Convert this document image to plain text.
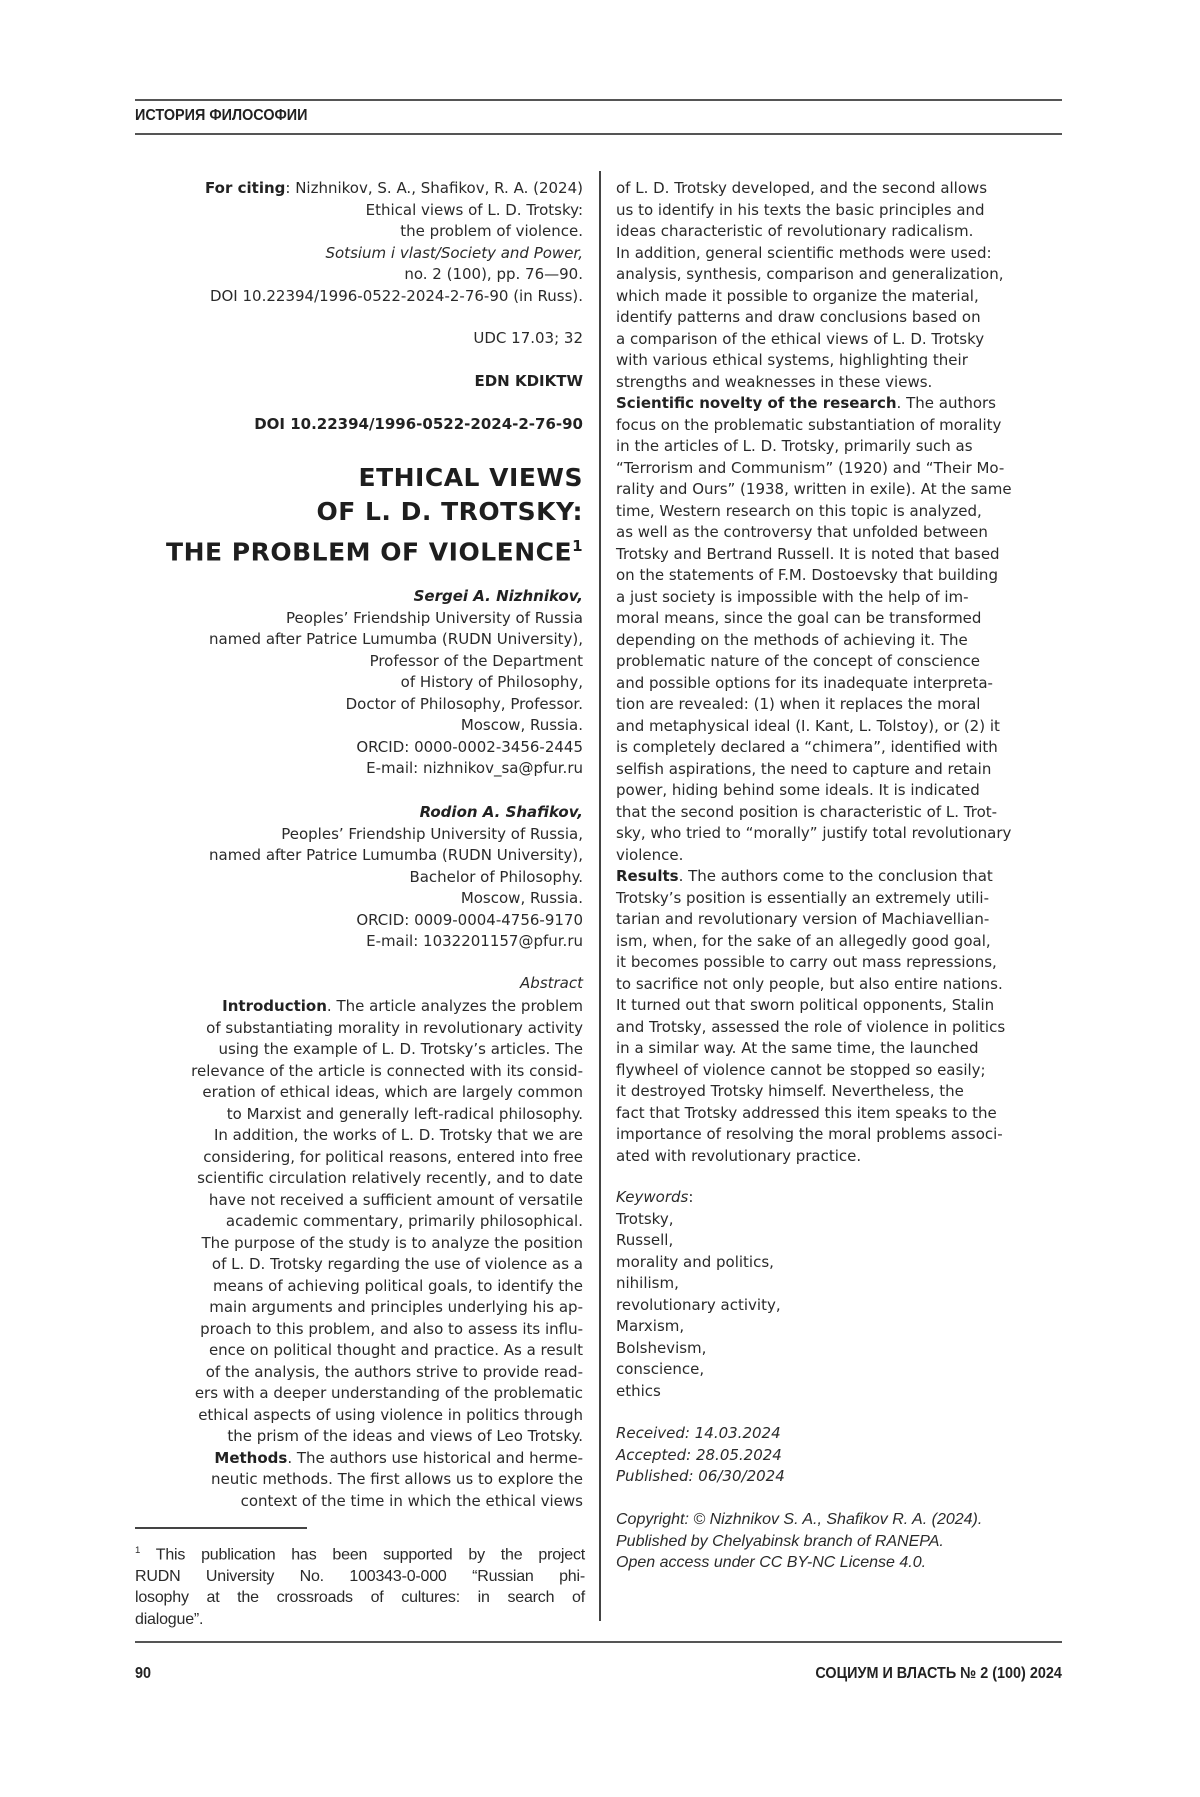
ИСТОРИЯ ФИЛОСОФИИ
For citing: Nizhnikov, S. A., Shafikov, R. A. (2024)
Ethical views of L. D. Trotsky:
the problem of violence.
Sotsium i vlast/Society and Power,
no. 2 (100), pp. 76—90.
DOI 10.22394/1996-0522-2024-2-76-90 (in Russ).
UDC 17.03; 32
EDN KDIKTW
DOI 10.22394/1996-0522-2024-2-76-90
ETHICAL VIEWS
OF L. D. TROTSKY:
THE PROBLEM OF VIOLENCE$^1$
Sergei A. Nizhnikov,
Peoples’ Friendship University of Russia
named after Patrice Lumumba (RUDN University),
Professor of the Department
of History of Philosophy,
Doctor of Philosophy, Professor.
Moscow, Russia.
ORCID: 0000-0002-3456-2445
E-mail: nizhnikov_sa@pfur.ru
Rodion A. Shafikov,
Peoples’ Friendship University of Russia,
named after Patrice Lumumba (RUDN University),
Bachelor of Philosophy.
Moscow, Russia.
ORCID: 0009-0004-4756-9170
E-mail: 1032201157@pfur.ru
Abstract
Introduction. The article analyzes the problem
of substantiating morality in revolutionary activity
using the example of L. D. Trotsky’s articles. The
relevance of the article is connected with its consid-
eration of ethical ideas, which are largely common
to Marxist and generally left-radical philosophy.
In addition, the works of L. D. Trotsky that we are
considering, for political reasons, entered into free
scientific circulation relatively recently, and to date
have not received a sufficient amount of versatile
academic commentary, primarily philosophical.
The purpose of the study is to analyze the position
of L. D. Trotsky regarding the use of violence as a
means of achieving political goals, to identify the
main arguments and principles underlying his ap-
proach to this problem, and also to assess its influ-
ence on political thought and practice. As a result
of the analysis, the authors strive to provide read-
ers with a deeper understanding of the problematic
ethical aspects of using violence in politics through
the prism of the ideas and views of Leo Trotsky.
Methods. The authors use historical and herme-
neutic methods. The first allows us to explore the
context of the time in which the ethical views
$^1$ This publication has been supported by the project
RUDN University No. 100343-0-000 “Russian phi-
losophy at the crossroads of cultures: in search of
dialogue”.
of L. D. Trotsky developed, and the second allows
us to identify in his texts the basic principles and
ideas characteristic of revolutionary radicalism.
In addition, general scientific methods were used:
analysis, synthesis, comparison and generalization,
which made it possible to organize the material,
identify patterns and draw conclusions based on
a comparison of the ethical views of L. D. Trotsky
with various ethical systems, highlighting their
strengths and weaknesses in these views.
Scientific novelty of the research. The authors
focus on the problematic substantiation of morality
in the articles of L. D. Trotsky, primarily such as
“Terrorism and Communism” (1920) and “Their Mo-
rality and Ours” (1938, written in exile). At the same
time, Western research on this topic is analyzed,
as well as the controversy that unfolded between
Trotsky and Bertrand Russell. It is noted that based
on the statements of F.M. Dostoevsky that building
a just society is impossible with the help of im-
moral means, since the goal can be transformed
depending on the methods of achieving it. The
problematic nature of the concept of conscience
and possible options for its inadequate interpreta-
tion are revealed: (1) when it replaces the moral
and metaphysical ideal (I. Kant, L. Tolstoy), or (2) it
is completely declared a “chimera”, identified with
selfish aspirations, the need to capture and retain
power, hiding behind some ideals. It is indicated
that the second position is characteristic of L. Trot-
sky, who tried to “morally” justify total revolutionary
violence.
Results. The authors come to the conclusion that
Trotsky’s position is essentially an extremely utili-
tarian and revolutionary version of Machiavellian-
ism, when, for the sake of an allegedly good goal,
it becomes possible to carry out mass repressions,
to sacrifice not only people, but also entire nations.
It turned out that sworn political opponents, Stalin
and Trotsky, assessed the role of violence in politics
in a similar way. At the same time, the launched
flywheel of violence cannot be stopped so easily;
it destroyed Trotsky himself. Nevertheless, the
fact that Trotsky addressed this item speaks to the
importance of resolving the moral problems associ-
ated with revolutionary practice.
Keywords:
Trotsky,
Russell,
morality and politics,
nihilism,
revolutionary activity,
Marxism,
Bolshevism,
conscience,
ethics
Received: 14.03.2024
Accepted: 28.05.2024
Published: 06/30/2024
Copyright: © Nizhnikov S. A., Shafikov R. A. (2024).
Published by Chelyabinsk branch of RANEPA.
Open access under CC BY-NC License 4.0.
90	СОЦИУМ И ВЛАСТЬ № 2 (100) 2024
